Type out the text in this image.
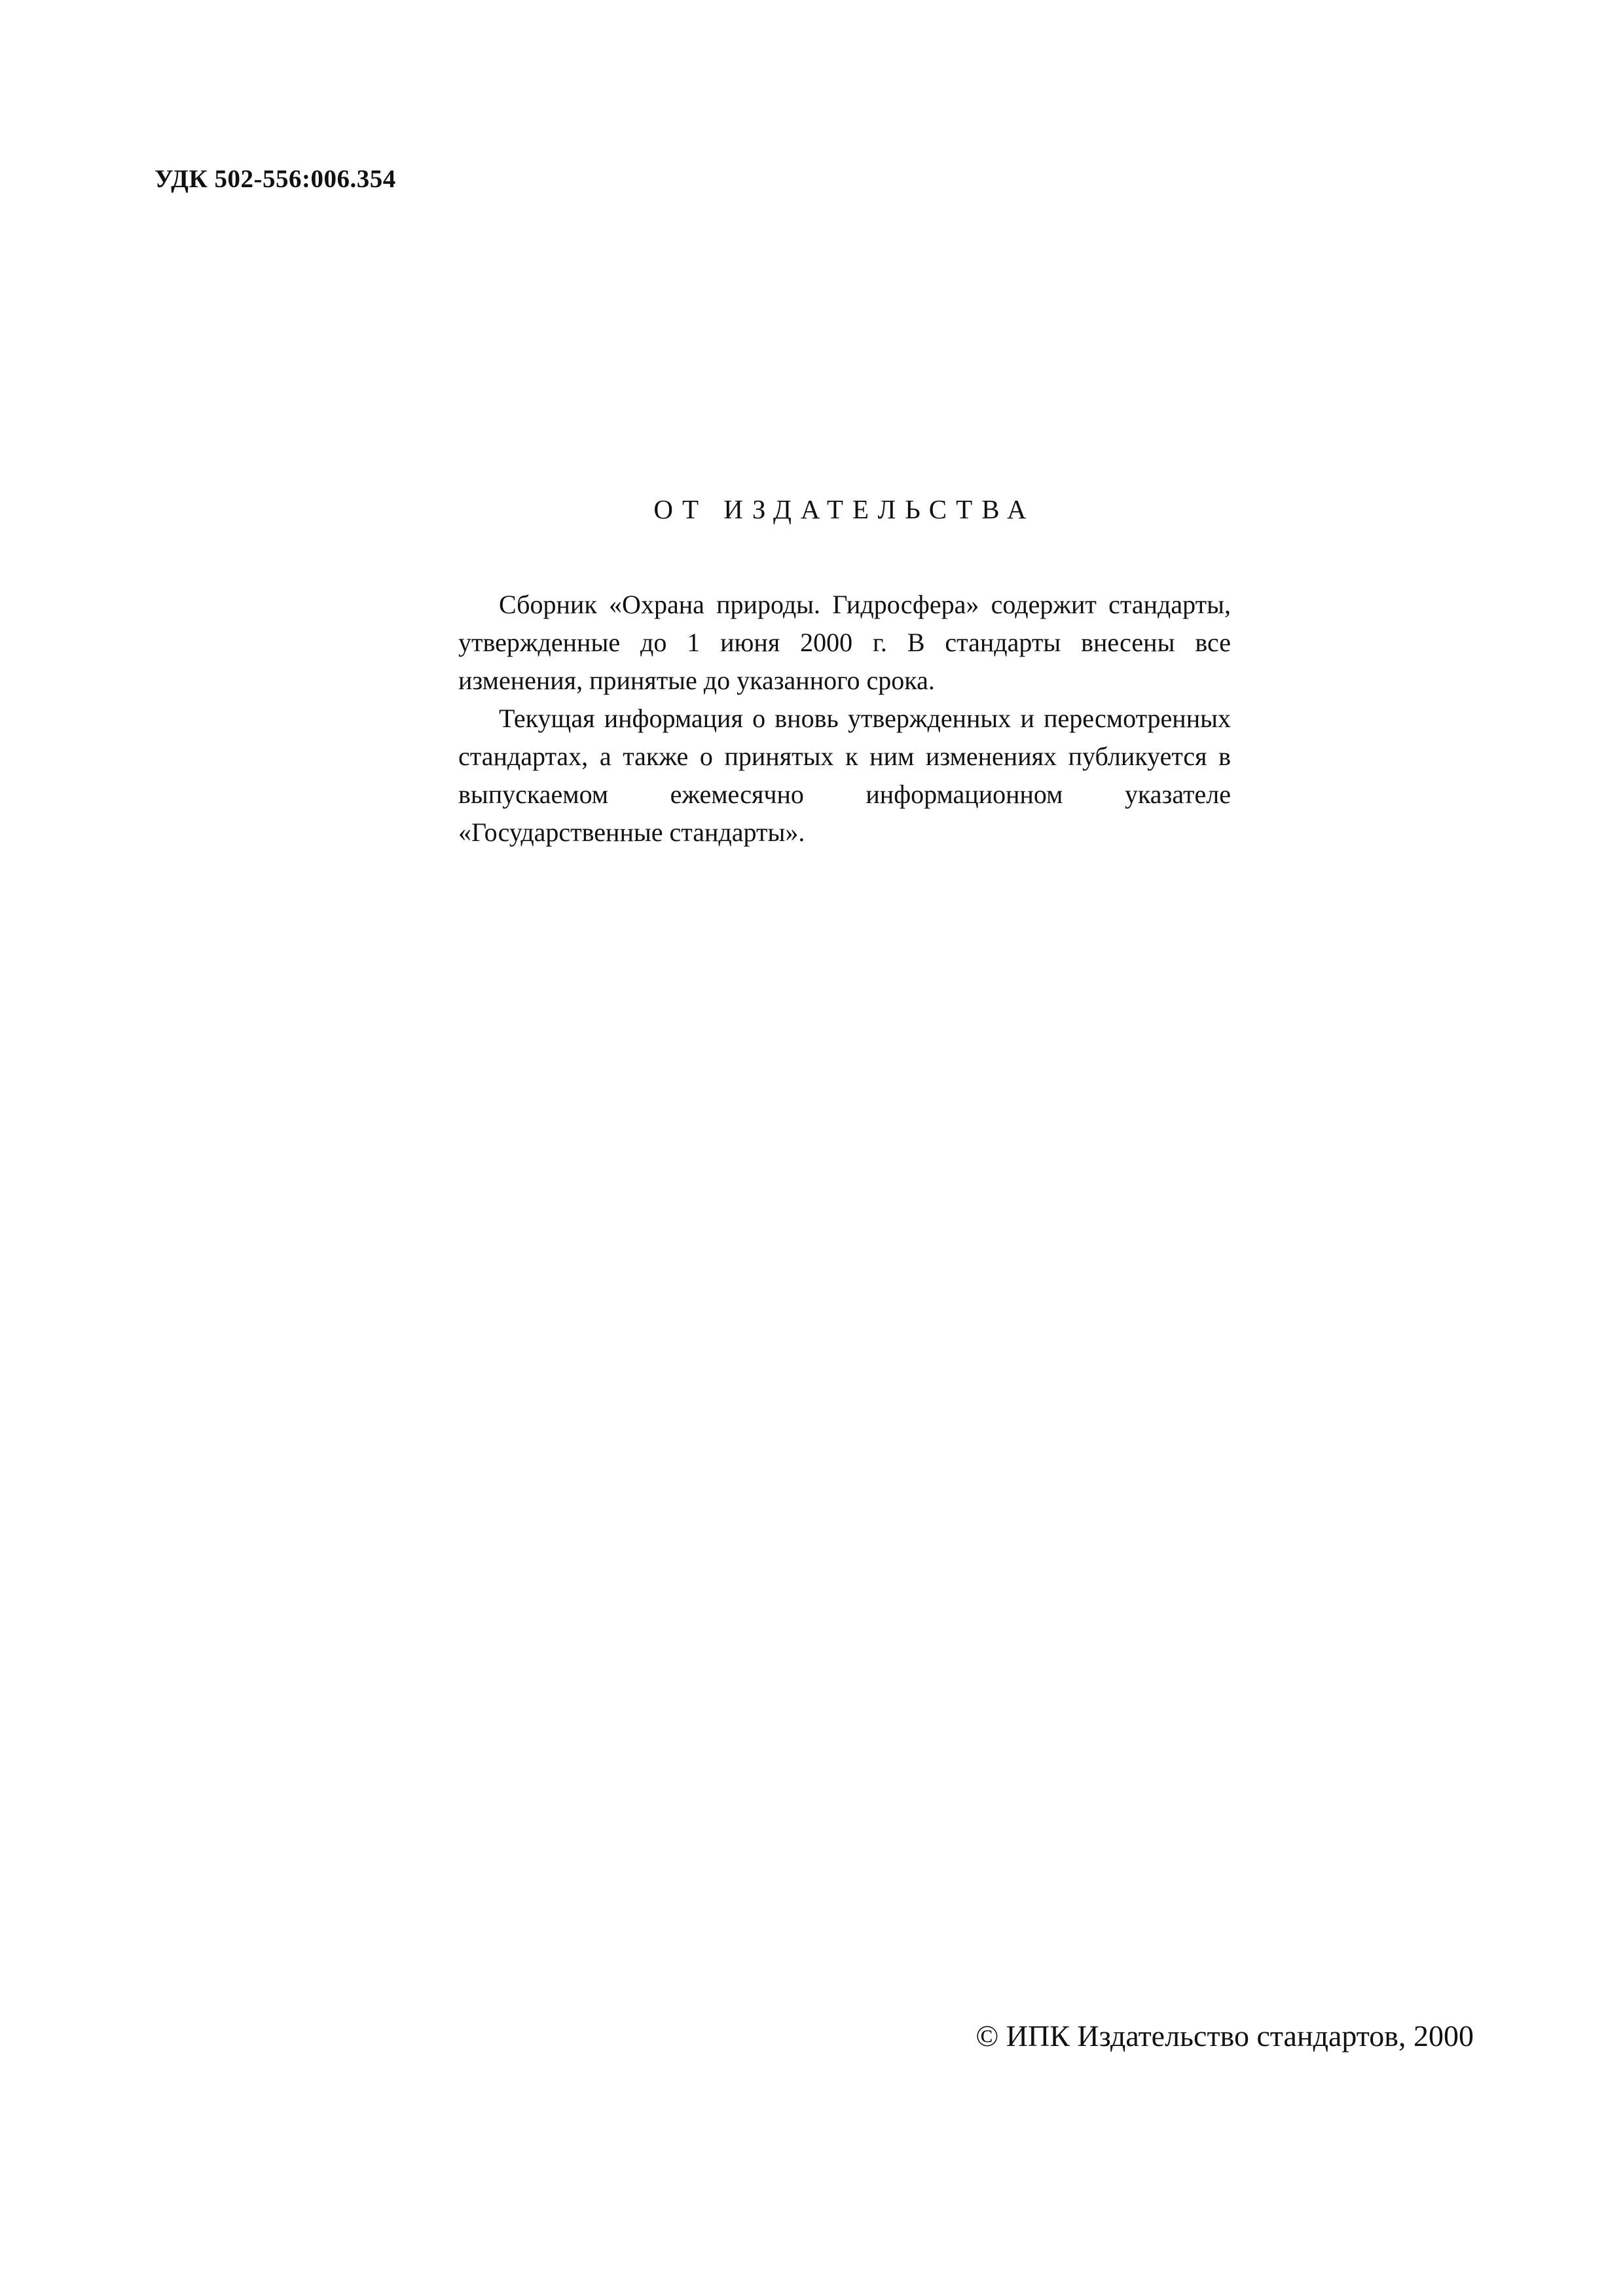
УДК 502-556:006.354
ОТ ИЗДАТЕЛЬСТВА

Сборник «Охрана природы. Гидросфера» содержит стандарты, утвержденные до 1 июня 2000 г. В стандарты внесены все изменения, принятые до указанного срока.

Текущая информация о вновь утвержденных и пересмотренных стандартах, а также о принятых к ним изменениях публикуется в выпускаемом ежемесячно информационном указателе «Государственные стандарты».

© ИПК Издательство стандартов, 2000
